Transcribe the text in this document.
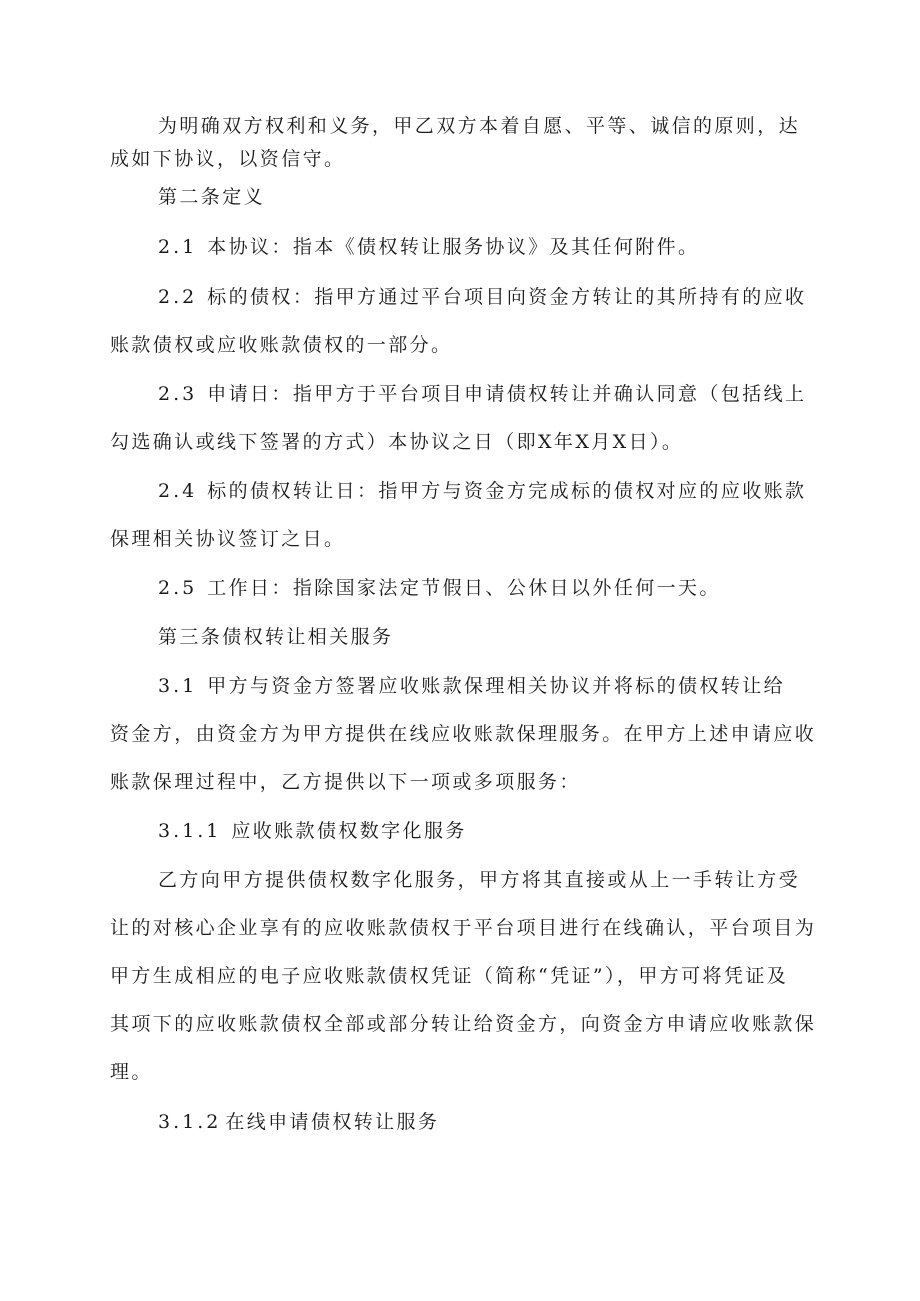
为明确双方权利和义务，甲乙双方本着自愿、平等、诚信的原则，达
成如下协议，以资信守。
第二条定义
2.1 本协议：指本《债权转让服务协议》及其任何附件。
2.2 标的债权：指甲方通过平台项目向资金方转让的其所持有的应收
账款债权或应收账款债权的一部分。
2.3 申请日：指甲方于平台项目申请债权转让并确认同意（包括线上
勾选确认或线下签署的方式）本协议之日（即X年X月X日）。
2.4 标的债权转让日：指甲方与资金方完成标的债权对应的应收账款
保理相关协议签订之日。
2.5 工作日：指除国家法定节假日、公休日以外任何一天。
第三条债权转让相关服务
3.1 甲方与资金方签署应收账款保理相关协议并将标的债权转让给
资金方，由资金方为甲方提供在线应收账款保理服务。在甲方上述申请应收
账款保理过程中，乙方提供以下一项或多项服务：
3.1.1 应收账款债权数字化服务
乙方向甲方提供债权数字化服务，甲方将其直接或从上一手转让方受
让的对核心企业享有的应收账款债权于平台项目进行在线确认，平台项目为
甲方生成相应的电子应收账款债权凭证（简称“凭证”），甲方可将凭证及
其项下的应收账款债权全部或部分转让给资金方，向资金方申请应收账款保
理。
3.1.2 在线申请债权转让服务
